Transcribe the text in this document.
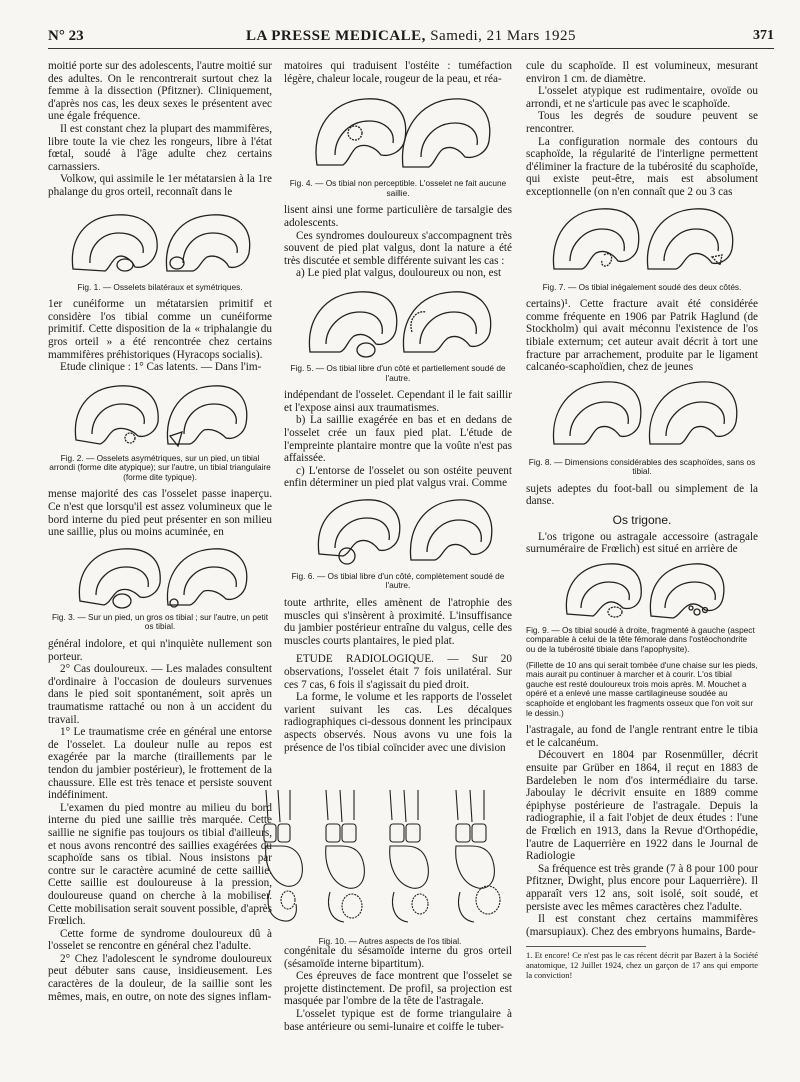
N° 23	LA PRESSE MEDICALE, Samedi, 21 Mars 1925	371

moitié porte sur des adolescents, l'autre moitié sur des adultes. On le rencontrerait surtout chez la femme à la dissection (Pfitzner). Cliniquement, d'après nos cas, les deux sexes le présentent avec une égale fréquence.

Il est constant chez la plupart des mammifères, libre toute la vie chez les rongeurs, libre à l'état fœtal, soudé à l'âge adulte chez certains carnassiers.

Volkow, qui assimile le 1er métatarsien à la 1re phalange du gros orteil, reconnaît dans le

Fig. 1. — Osselets bilatéraux et symétriques.

1er cunéiforme un métatarsien primitif et considère l'os tibial comme un cunéiforme primitif. Cette disposition de la « triphalangie du gros orteil » a été rencontrée chez certains mammifères préhistoriques (Hyracops socialis).

Etude clinique : 1° Cas latents. — Dans l'im-

Fig. 2. — Osselets asymétriques, sur un pied, un tibial arrondi (forme dite atypique); sur l'autre, un tibial triangulaire (forme dite typique).

mense majorité des cas l'osselet passe inaperçu. Ce n'est que lorsqu'il est assez volumineux que le bord interne du pied peut présenter en son milieu une saillie, plus ou moins acuminée, en

Fig. 3. — Sur un pied, un gros os tibial ; sur l'autre, un petit os tibial.

général indolore, et qui n'inquiète nullement son porteur.

2° Cas douloureux. — Les malades consultent d'ordinaire à l'occasion de douleurs survenues dans le pied soit spontanément, soit après un traumatisme rattaché ou non à un accident du travail.

1° Le traumatisme crée en général une entorse de l'osselet. La douleur nulle au repos est exagérée par la marche (tiraillements par le tendon du jambier postérieur), le frottement de la chaussure. Elle est très tenace et persiste souvent indéfiniment.

L'examen du pied montre au milieu du bord interne du pied une saillie très marquée. Cette saillie ne signifie pas toujours os tibial d'ailleurs, et nous avons rencontré des saillies exagérées du scaphoïde sans os tibial. Nous insistons par contre sur le caractère acuminé de cette saillie. Cette saillie est douloureuse à la pression, douloureuse quand on cherche à la mobiliser. Cette mobilisation serait souvent possible, d'après Frœlich.

Cette forme de syndrome douloureux dû à l'osselet se rencontre en général chez l'adulte.

2° Chez l'adolescent le syndrome douloureux peut débuter sans cause, insidieusement. Les caractères de la douleur, de la saillie sont les mêmes, mais, en outre, on note des signes inflam-

matoires qui traduisent l'ostéite : tuméfaction légère, chaleur locale, rougeur de la peau, et réa-

Fig. 4. — Os tibial non perceptible. L'osselet ne fait aucune saillie.

lisent ainsi une forme particulière de tarsalgie des adolescents.

Ces syndromes douloureux s'accompagnent très souvent de pied plat valgus, dont la nature a été très discutée et semble différente suivant les cas :

a) Le pied plat valgus, douloureux ou non, est

Fig. 5. — Os tibial libre d'un côté et partiellement soudé de l'autre.

indépendant de l'osselet. Cependant il le fait saillir et l'expose ainsi aux traumatismes.

b) La saillie exagérée en bas et en dedans de l'osselet crée un faux pied plat. L'étude de l'empreinte plantaire montre que la voûte n'est pas affaissée.

c) L'entorse de l'osselet ou son ostéite peuvent enfin déterminer un pied plat valgus vrai. Comme

Fig. 6. — Os tibial libre d'un côté, complètement soudé de l'autre.

toute arthrite, elles amènent de l'atrophie des muscles qui s'insèrent à proximité. L'insuffisance du jambier postérieur entraîne du valgus, celle des muscles courts plantaires, le pied plat.

ETUDE RADIOLOGIQUE. — Sur 20 observations, l'osselet était 7 fois unilatéral. Sur ces 7 cas, 6 fois il s'agissait du pied droit.

La forme, le volume et les rapports de l'osselet varient suivant les cas. Les décalques radiographiques ci-dessous donnent les principaux aspects observés. Nous avons vu une fois la présence de l'os tibial coïncider avec une division

Fig. 10. — Autres aspects de l'os tibial.

congénitale du sésamoïde interne du gros orteil (sésamoïde interne bipartitum).

Ces épreuves de face montrent que l'osselet se projette distinctement. De profil, sa projection est masquée par l'ombre de la tête de l'astragale.

L'osselet typique est de forme triangulaire à base antérieure ou semi-lunaire et coiffe le tuber-

cule du scaphoïde. Il est volumineux, mesurant environ 1 cm. de diamètre.

L'osselet atypique est rudimentaire, ovoïde ou arrondi, et ne s'articule pas avec le scaphoïde.

Tous les degrés de soudure peuvent se rencontrer.

La configuration normale des contours du scaphoïde, la régularité de l'interligne permettent d'éliminer la fracture de la tubérosité du scaphoïde, qui existe peut-être, mais est absolument exceptionnelle (on n'en connaît que 2 ou 3 cas

Fig. 7. — Os tibial inégalement soudé des deux côtés.

certains)¹. Cette fracture avait été considérée comme fréquente en 1906 par Patrik Haglund (de Stockholm) qui avait méconnu l'existence de l'os tibiale externum; cet auteur avait décrit à tort une fracture par arrachement, produite par le ligament calcanéo-scaphoïdien, chez de jeunes

Fig. 8. — Dimensions considérables des scaphoïdes, sans os tibial.

sujets adeptes du foot-ball ou simplement de la danse.

Os trigone.

L'os trigone ou astragale accessoire (astragale surnuméraire de Frœlich) est situé en arrière de

Fig. 9. — Os tibial soudé à droite, fragmenté à gauche (aspect comparable à celui de la tête fémorale dans l'ostéochondrite ou de la tubérosité tibiale dans l'apophysite).
(Fillette de 10 ans qui serait tombée d'une chaise sur les pieds, mais aurait pu continuer à marcher et à courir. L'os tibial gauche est resté douloureux trois mois après. M. Mouchet a opéré et a enlevé une masse cartilagineuse soudée au scaphoïde et englobant les fragments osseux que l'on voit sur le dessin.)

l'astragale, au fond de l'angle rentrant entre le tibia et le calcanéum.

Découvert en 1804 par Rosenmüller, décrit ensuite par Grüber en 1864, il reçut en 1883 de Bardeleben le nom d'os intermédiaire du tarse. Jaboulay le décrivit ensuite en 1889 comme épiphyse postérieure de l'astragale. Depuis la radiographie, il a fait l'objet de deux études : l'une de Frœlich en 1913, dans la Revue d'Orthopédie, l'autre de Laquerrière en 1922 dans le Journal de Radiologie

Sa fréquence est très grande (7 à 8 pour 100 pour Pfitzner, Dwight, plus encore pour Laquerrière). Il apparaît vers 12 ans, soit isolé, soit soudé, et persiste avec les mêmes caractères chez l'adulte.

Il est constant chez certains mammifères (marsupiaux). Chez des embryons humains, Barde-

1. Et encore! Ce n'est pas le cas récent décrit par Bazert à la Société anatomique, 12 Juillet 1924, chez un garçon de 17 ans qui emporte la conviction!
